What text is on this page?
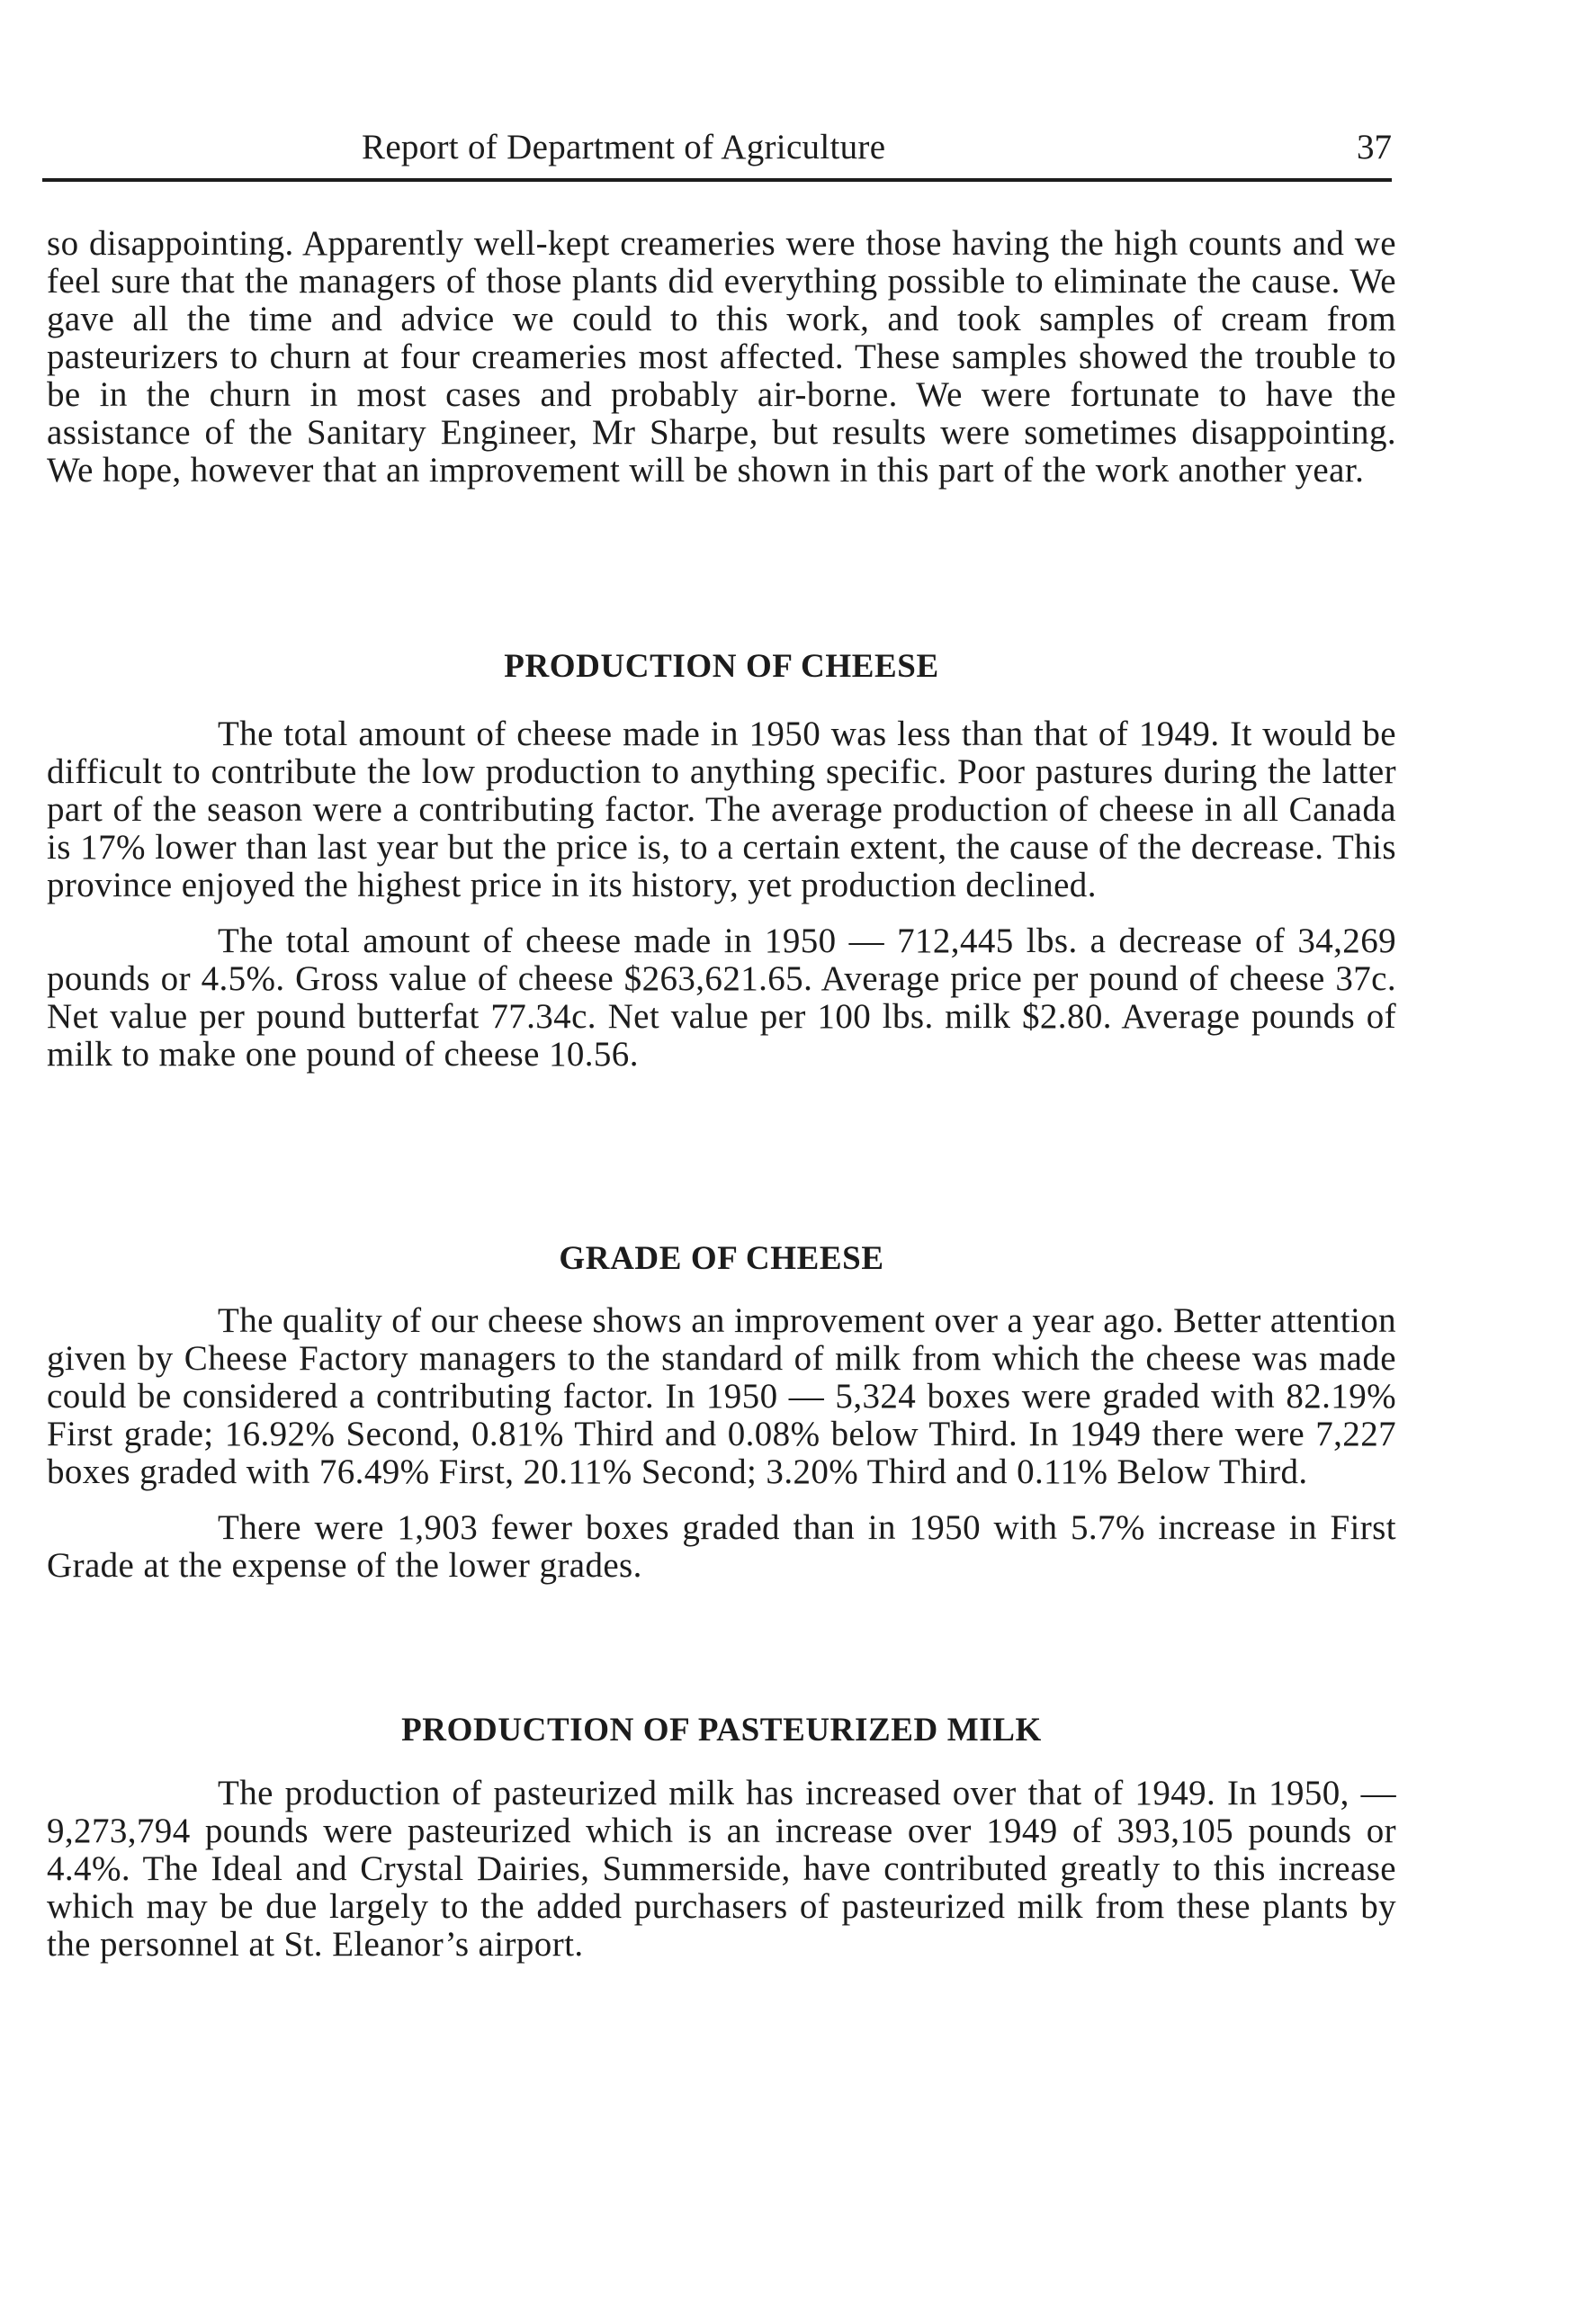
Report of Department of Agriculture	37

so disappointing. Apparently well-kept creameries were those having the high counts and we feel sure that the managers of those plants did everything possible to eliminate the cause. We gave all the time and advice we could to this work, and took samples of cream from pasteurizers to churn at four creameries most affected. These samples showed the trouble to be in the churn in most cases and probably air-borne. We were fortunate to have the assistance of the Sanitary Engineer, Mr Sharpe, but results were sometimes disappointing. We hope, however that an improvement will be shown in this part of the work another year.

PRODUCTION OF CHEESE

The total amount of cheese made in 1950 was less than that of 1949. It would be difficult to contribute the low production to anything specific. Poor pastures during the latter part of the season were a contributing factor. The average production of cheese in all Canada is 17% lower than last year but the price is, to a certain extent, the cause of the decrease. This province enjoyed the highest price in its history, yet production declined.

The total amount of cheese made in 1950 — 712,445 lbs. a decrease of 34,269 pounds or 4.5%. Gross value of cheese $263,621.65. Average price per pound of cheese 37c. Net value per pound butterfat 77.34c. Net value per 100 lbs. milk $2.80. Average pounds of milk to make one pound of cheese 10.56.

GRADE OF CHEESE

The quality of our cheese shows an improvement over a year ago. Better attention given by Cheese Factory managers to the standard of milk from which the cheese was made could be considered a contributing factor. In 1950 — 5,324 boxes were graded with 82.19% First grade; 16.92% Second, 0.81% Third and 0.08% below Third. In 1949 there were 7,227 boxes graded with 76.49% First, 20.11% Second; 3.20% Third and 0.11% Below Third.

There were 1,903 fewer boxes graded than in 1950 with 5.7% increase in First Grade at the expense of the lower grades.

PRODUCTION OF PASTEURIZED MILK

The production of pasteurized milk has increased over that of 1949. In 1950, — 9,273,794 pounds were pasteurized which is an increase over 1949 of 393,105 pounds or 4.4%. The Ideal and Crystal Dairies, Summerside, have contributed greatly to this increase which may be due largely to the added purchasers of pasteurized milk from these plants by the personnel at St. Eleanor’s airport.
